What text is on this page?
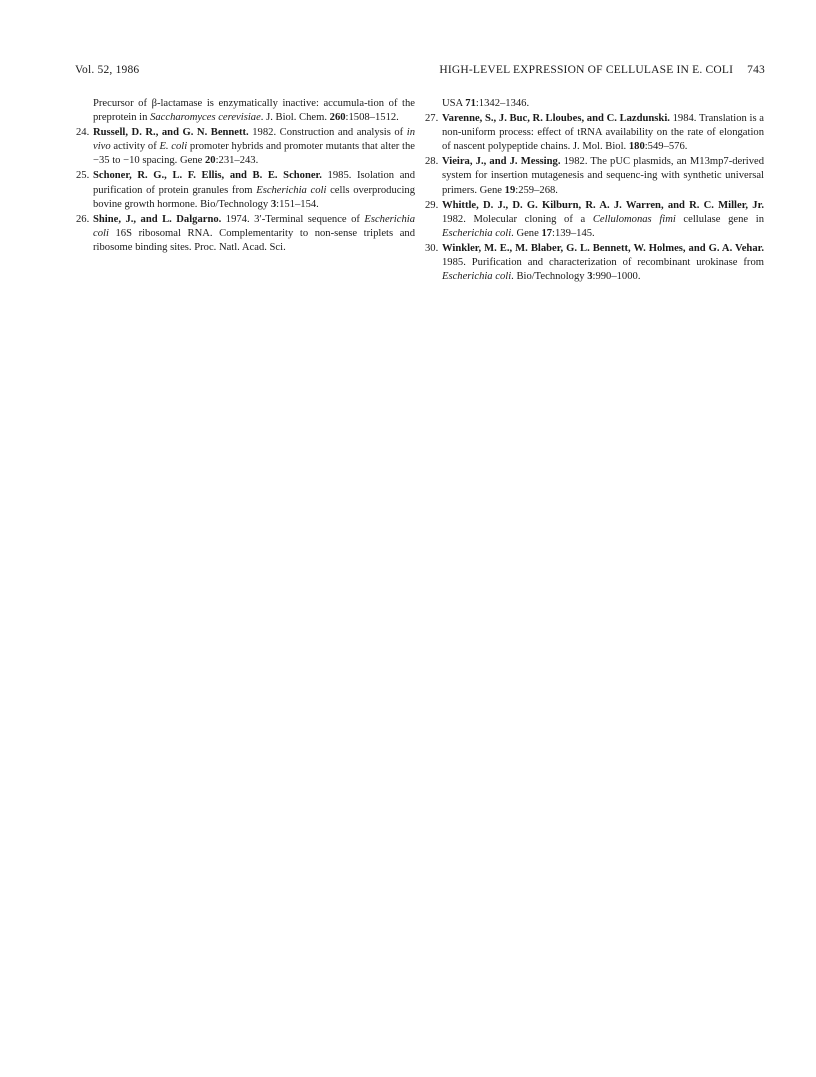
Vol. 52, 1986	HIGH-LEVEL EXPRESSION OF CELLULASE IN E. COLI 743

Precursor of β-lactamase is enzymatically inactive: accumula-tion of the preprotein in Saccharomyces cerevisiae. J. Biol. Chem. 260:1508–1512.

24. Russell, D. R., and G. N. Bennett. 1982. Construction and analysis of in vivo activity of E. coli promoter hybrids and promoter mutants that alter the −35 to −10 spacing. Gene 20:231–243.

25. Schoner, R. G., L. F. Ellis, and B. E. Schoner. 1985. Isolation and purification of protein granules from Escherichia coli cells overproducing bovine growth hormone. Bio/Technology 3:151–154.

26. Shine, J., and L. Dalgarno. 1974. 3′-Terminal sequence of Escherichia coli 16S ribosomal RNA. Complementarity to non-sense triplets and ribosome binding sites. Proc. Natl. Acad. Sci.

USA 71:1342–1346.

27. Varenne, S., J. Buc, R. Lloubes, and C. Lazdunski. 1984. Translation is a non-uniform process: effect of tRNA availability on the rate of elongation of nascent polypeptide chains. J. Mol. Biol. 180:549–576.

28. Vieira, J., and J. Messing. 1982. The pUC plasmids, an M13mp7-derived system for insertion mutagenesis and sequenc-ing with synthetic universal primers. Gene 19:259–268.

29. Whittle, D. J., D. G. Kilburn, R. A. J. Warren, and R. C. Miller, Jr. 1982. Molecular cloning of a Cellulomonas fimi cellulase gene in Escherichia coli. Gene 17:139–145.

30. Winkler, M. E., M. Blaber, G. L. Bennett, W. Holmes, and G. A. Vehar. 1985. Purification and characterization of recombinant urokinase from Escherichia coli. Bio/Technology 3:990–1000.
